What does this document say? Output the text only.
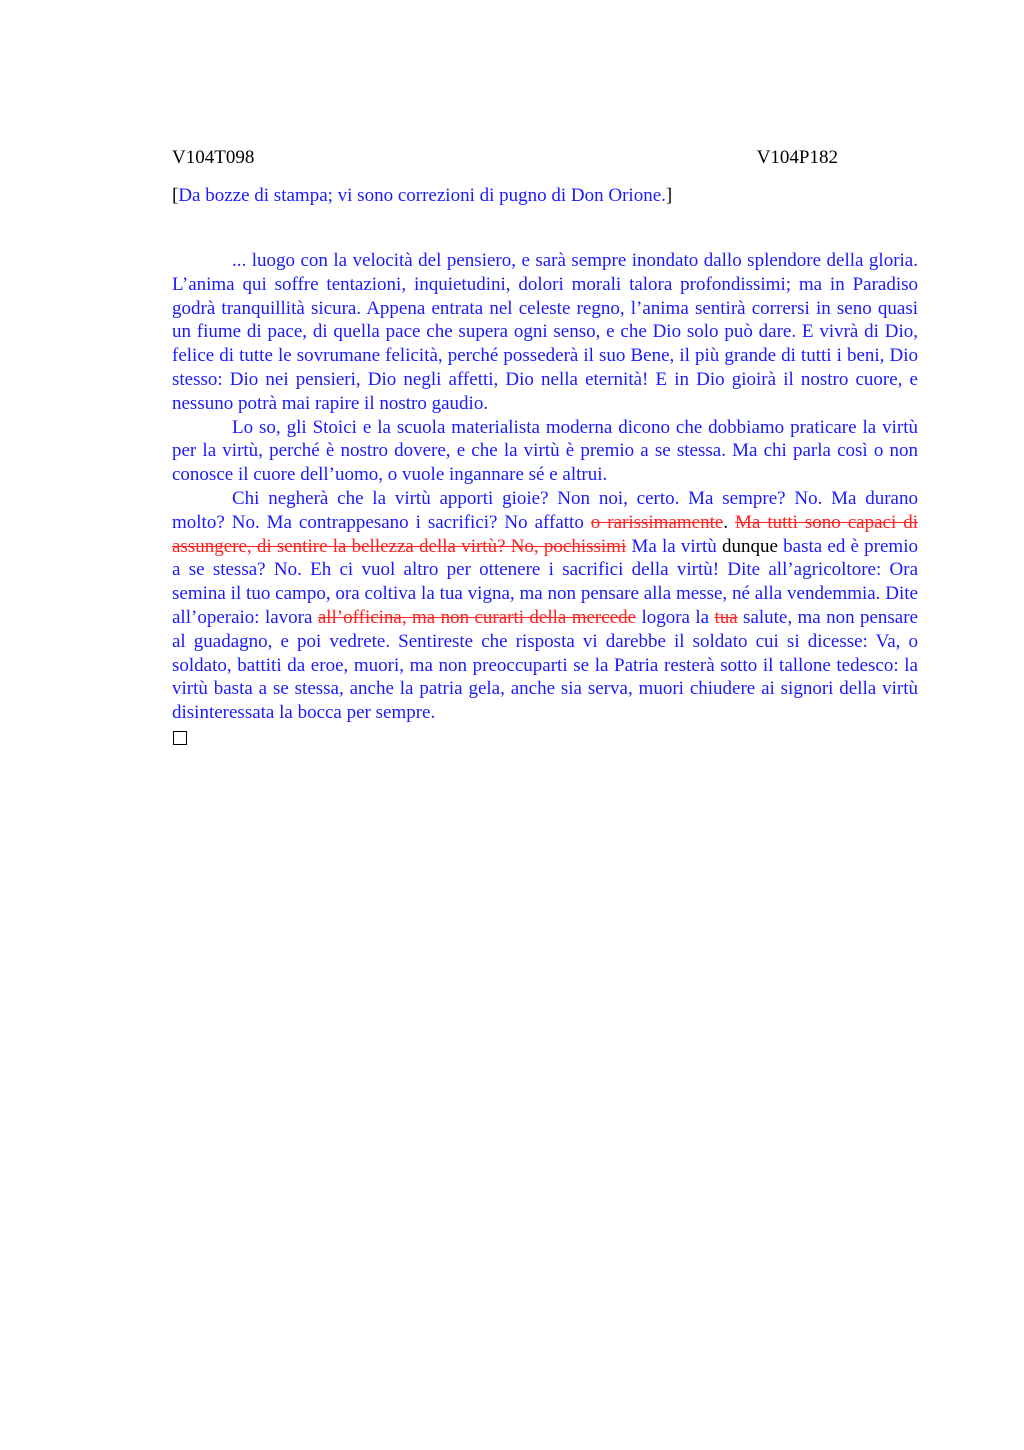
V104T098	V104P182
[Da bozze di stampa; vi sono correzioni di pugno di Don Orione.]

... luogo con la velocità del pensiero, e sarà sempre inondato dallo splendore della gloria. L’anima qui soffre tentazioni, inquietudini, dolori morali talora profondissimi; ma in Paradiso godrà tranquillità sicura. Appena entrata nel celeste regno, l’anima sentirà corrersi in seno quasi un fiume di pace, di quella pace che supera ogni senso, e che Dio solo può dare. E vivrà di Dio, felice di tutte le sovrumane felicità, perché possederà il suo Bene, il più grande di tutti i beni, Dio stesso: Dio nei pensieri, Dio negli affetti, Dio nella eternità! E in Dio gioirà il nostro cuore, e nessuno potrà mai rapire il nostro gaudio.

Lo so, gli Stoici e la scuola materialista moderna dicono che dobbiamo praticare la virtù per la virtù, perché è nostro dovere, e che la virtù è premio a se stessa. Ma chi parla così o non conosce il cuore dell’uomo, o vuole ingannare sé e altrui.

Chi negherà che la virtù apporti gioie? Non noi, certo. Ma sempre? No. Ma durano molto? No. Ma contrappesano i sacrifici? No affatto o rarissimamente. Ma tutti sono capaci di assungere, di sentire la bellezza della virtù? No, pochissimi Ma la virtù dunque basta ed è premio a se stessa? No. Eh ci vuol altro per ottenere i sacrifici della virtù! Dite all’agricoltore: Ora semina il tuo campo, ora coltiva la tua vigna, ma non pensare alla messe, né alla vendemmia. Dite all’operaio: lavora all’officina, ma non curarti della mercede logora la tua salute, ma non pensare al guadagno, e poi vedrete. Sentireste che risposta vi darebbe il soldato cui si dicesse: Va, o soldato, battiti da eroe, muori, ma non preoccuparti se la Patria resterà sotto il tallone tedesco: la virtù basta a se stessa, anche la patria gela, anche sia serva, muori chiudere ai signori della virtù disinteressata la bocca per sempre.
